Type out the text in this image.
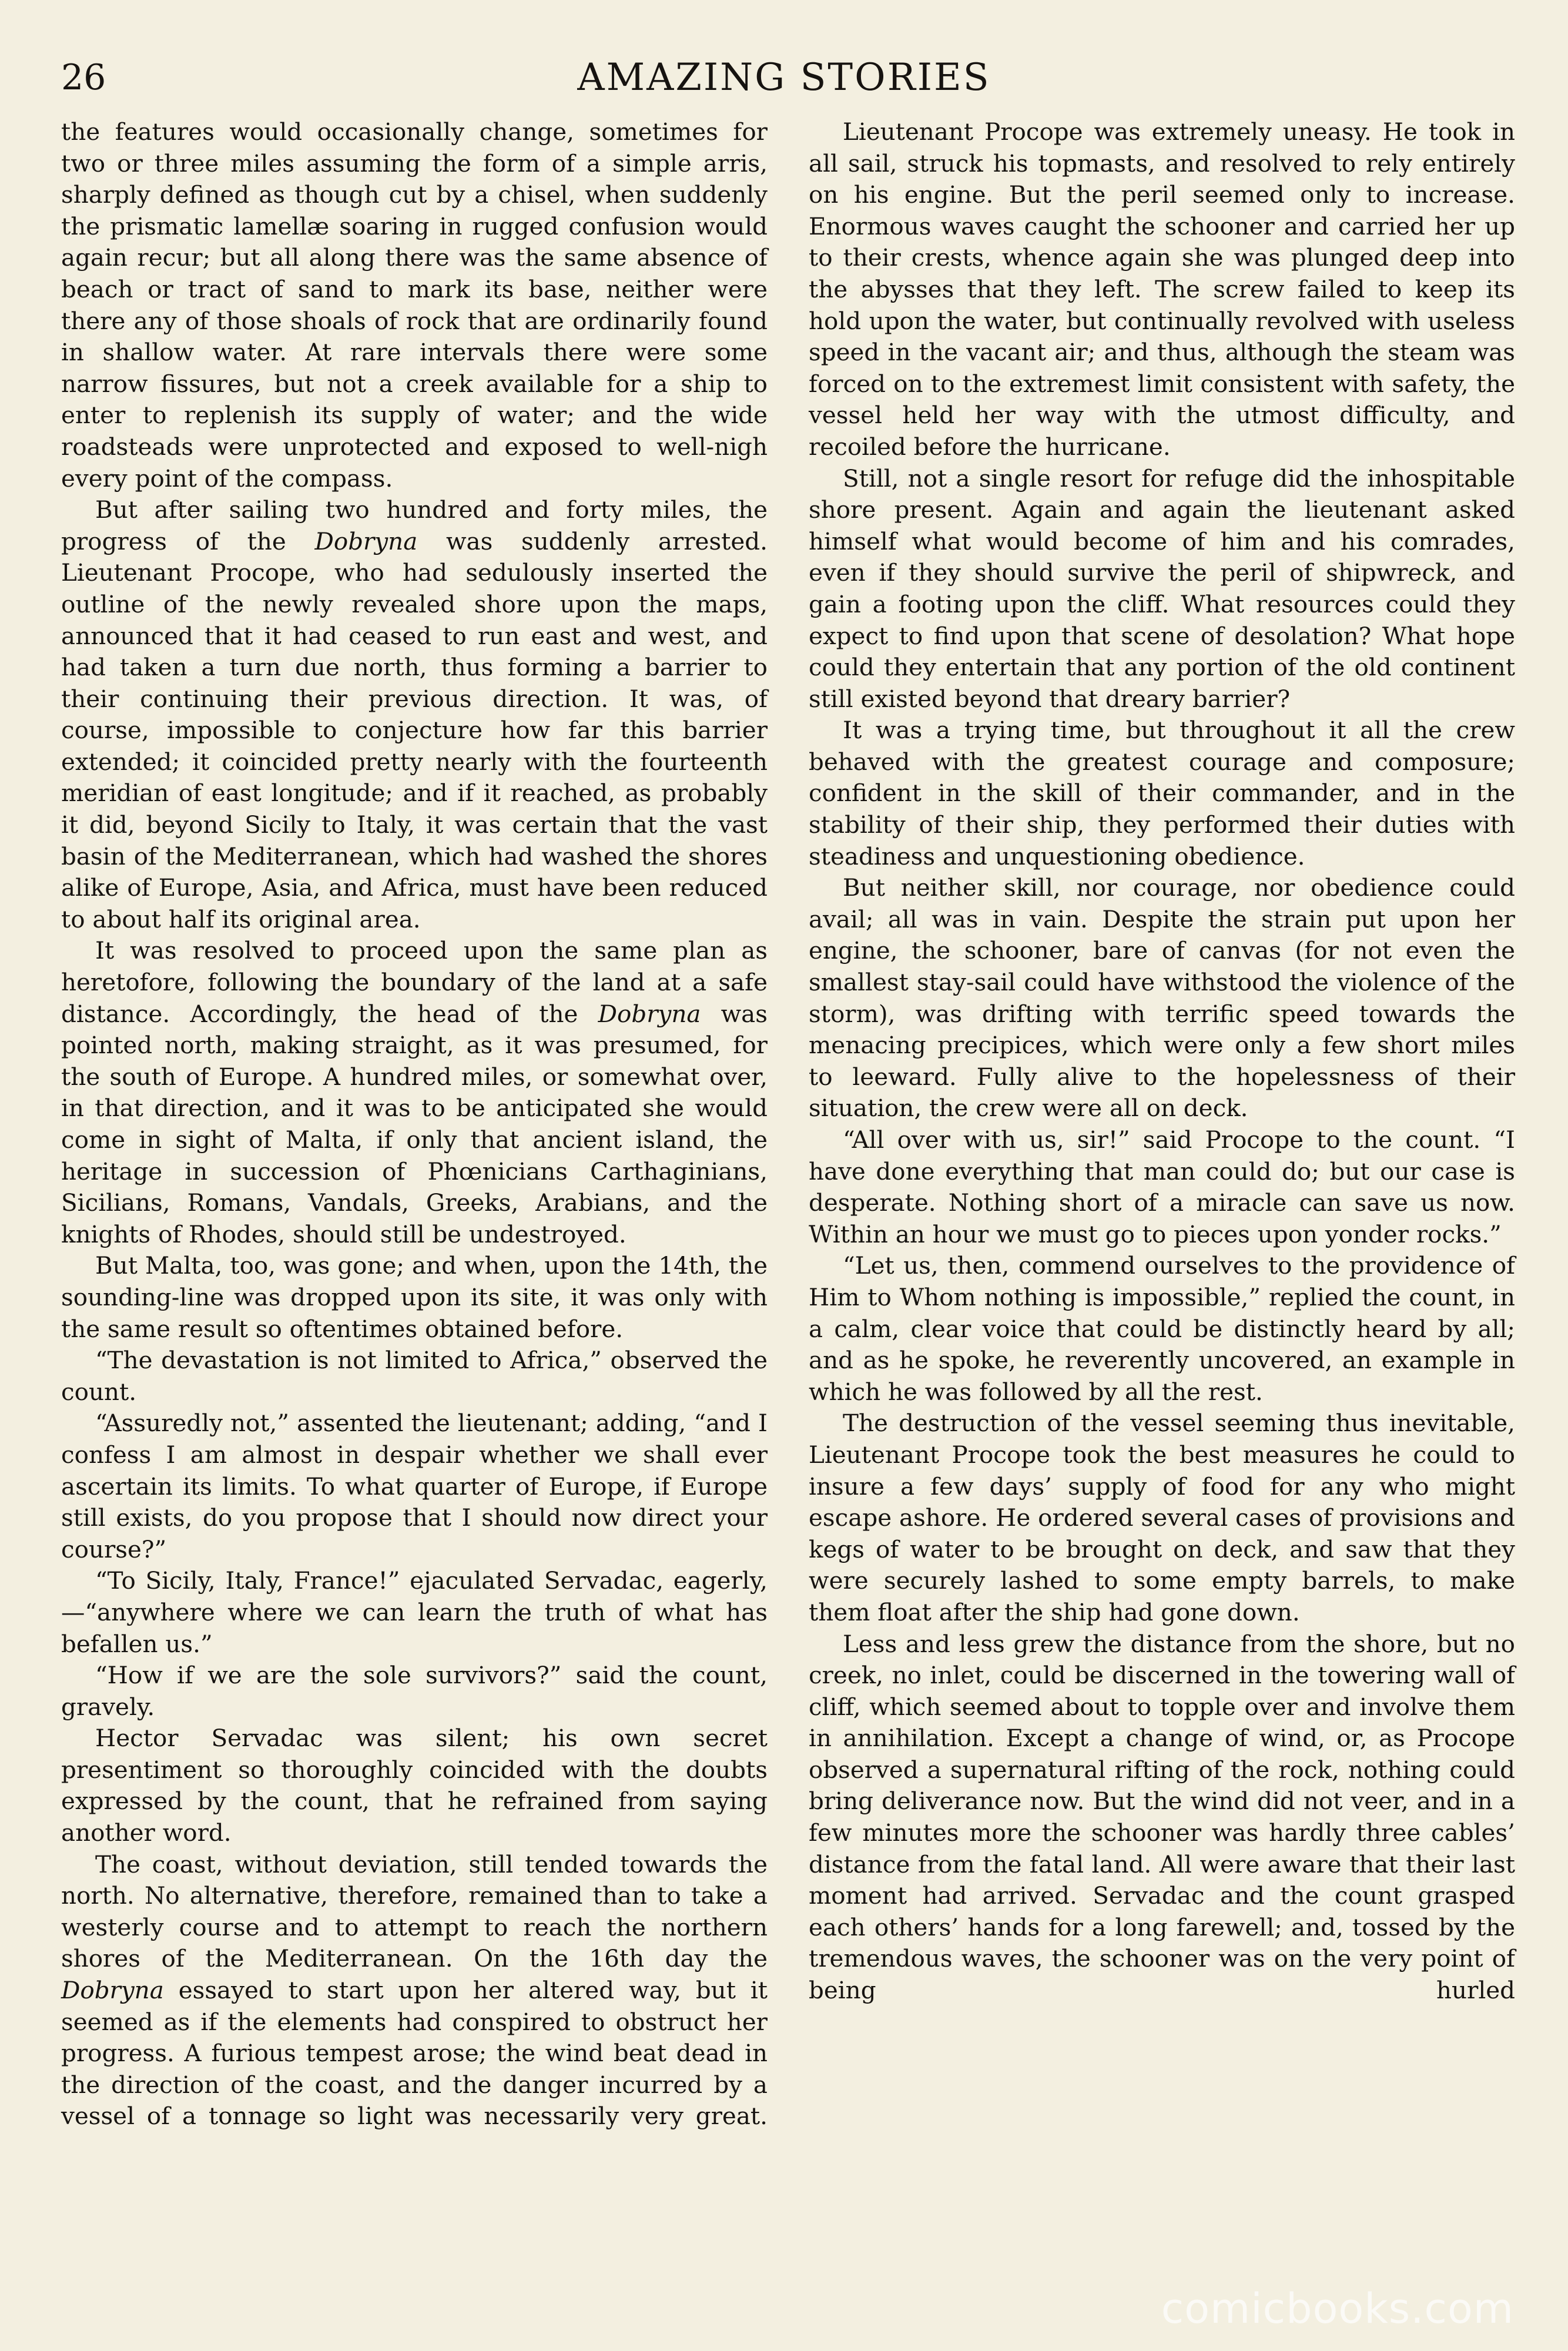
26	AMAZING STORIES

the features would occasionally change, sometimes for two or three miles assuming the form of a simple arris, sharply defined as though cut by a chisel, when suddenly the prismatic lamellæ soaring in rugged confusion would again recur; but all along there was the same absence of beach or tract of sand to mark its base, neither were there any of those shoals of rock that are ordinarily found in shallow water. At rare intervals there were some narrow fissures, but not a creek available for a ship to enter to replenish its supply of water; and the wide roadsteads were unprotected and exposed to well-nigh every point of the compass.

But after sailing two hundred and forty miles, the progress of the Dobryna was suddenly arrested. Lieutenant Procope, who had sedulously inserted the outline of the newly revealed shore upon the maps, announced that it had ceased to run east and west, and had taken a turn due north, thus forming a barrier to their continuing their previous direction. It was, of course, impossible to conjecture how far this barrier extended; it coincided pretty nearly with the fourteenth meridian of east longitude; and if it reached, as probably it did, beyond Sicily to Italy, it was certain that the vast basin of the Mediterranean, which had washed the shores alike of Europe, Asia, and Africa, must have been reduced to about half its original area.

It was resolved to proceed upon the same plan as heretofore, following the boundary of the land at a safe distance. Accordingly, the head of the Dobryna was pointed north, making straight, as it was presumed, for the south of Europe. A hundred miles, or somewhat over, in that direction, and it was to be anticipated she would come in sight of Malta, if only that ancient island, the heritage in succession of Phœnicians Carthaginians, Sicilians, Romans, Vandals, Greeks, Arabians, and the knights of Rhodes, should still be undestroyed.

But Malta, too, was gone; and when, upon the 14th, the sounding-line was dropped upon its site, it was only with the same result so oftentimes obtained before.

“The devastation is not limited to Africa,” observed the count.

“Assuredly not,” assented the lieutenant; adding, “and I confess I am almost in despair whether we shall ever ascertain its limits. To what quarter of Europe, if Europe still exists, do you propose that I should now direct your course?”

“To Sicily, Italy, France!” ejaculated Servadac, eagerly,—“anywhere where we can learn the truth of what has befallen us.”

“How if we are the sole survivors?” said the count, gravely.

Hector Servadac was silent; his own secret presentiment so thoroughly coincided with the doubts expressed by the count, that he refrained from saying another word.

The coast, without deviation, still tended towards the north. No alternative, therefore, remained than to take a westerly course and to attempt to reach the northern shores of the Mediterranean. On the 16th day the Dobryna essayed to start upon her altered way, but it seemed as if the elements had conspired to obstruct her progress. A furious tempest arose; the wind beat dead in the direction of the coast, and the danger incurred by a vessel of a tonnage so light was necessarily very great.

Lieutenant Procope was extremely uneasy. He took in all sail, struck his topmasts, and resolved to rely entirely on his engine. But the peril seemed only to increase. Enormous waves caught the schooner and carried her up to their crests, whence again she was plunged deep into the abysses that they left. The screw failed to keep its hold upon the water, but continually revolved with useless speed in the vacant air; and thus, although the steam was forced on to the extremest limit consistent with safety, the vessel held her way with the utmost difficulty, and recoiled before the hurricane.

Still, not a single resort for refuge did the inhospitable shore present. Again and again the lieutenant asked himself what would become of him and his comrades, even if they should survive the peril of shipwreck, and gain a footing upon the cliff. What resources could they expect to find upon that scene of desolation? What hope could they entertain that any portion of the old continent still existed beyond that dreary barrier?

It was a trying time, but throughout it all the crew behaved with the greatest courage and composure; confident in the skill of their commander, and in the stability of their ship, they performed their duties with steadiness and unquestioning obedience.

But neither skill, nor courage, nor obedience could avail; all was in vain. Despite the strain put upon her engine, the schooner, bare of canvas (for not even the smallest stay-sail could have withstood the violence of the storm), was drifting with terrific speed towards the menacing precipices, which were only a few short miles to leeward. Fully alive to the hopelessness of their situation, the crew were all on deck.

“All over with us, sir!” said Procope to the count. “I have done everything that man could do; but our case is desperate. Nothing short of a miracle can save us now. Within an hour we must go to pieces upon yonder rocks.”

“Let us, then, commend ourselves to the providence of Him to Whom nothing is impossible,” replied the count, in a calm, clear voice that could be distinctly heard by all; and as he spoke, he reverently uncovered, an example in which he was followed by all the rest.

The destruction of the vessel seeming thus inevitable, Lieutenant Procope took the best measures he could to insure a few days’ supply of food for any who might escape ashore. He ordered several cases of provisions and kegs of water to be brought on deck, and saw that they were securely lashed to some empty barrels, to make them float after the ship had gone down.

Less and less grew the distance from the shore, but no creek, no inlet, could be discerned in the towering wall of cliff, which seemed about to topple over and involve them in annihilation. Except a change of wind, or, as Procope observed a supernatural rifting of the rock, nothing could bring deliverance now. But the wind did not veer, and in a few minutes more the schooner was hardly three cables’ distance from the fatal land. All were aware that their last moment had arrived. Servadac and the count grasped each others’ hands for a long farewell; and, tossed by the tremendous waves, the schooner was on the very point of being hurled

comicbooks.com
